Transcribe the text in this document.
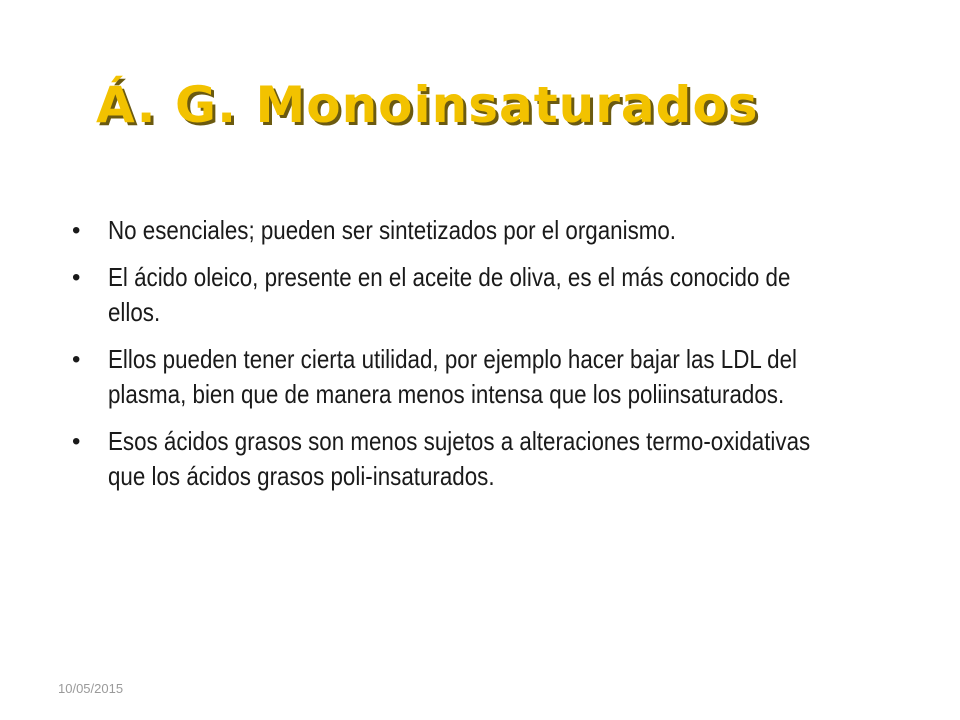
Á. G. Monoinsaturados
•	No esenciales; pueden ser sintetizados por el organismo.
•	El ácido oleico, presente en el aceite de oliva, es el más conocido de ellos.
•	Ellos pueden tener cierta utilidad, por ejemplo hacer bajar las LDL del plasma, bien que de manera menos intensa que los poliinsaturados.
•	Esos ácidos grasos son menos sujetos a alteraciones termo-oxidativas que los ácidos grasos poli-insaturados.
10/05/2015
